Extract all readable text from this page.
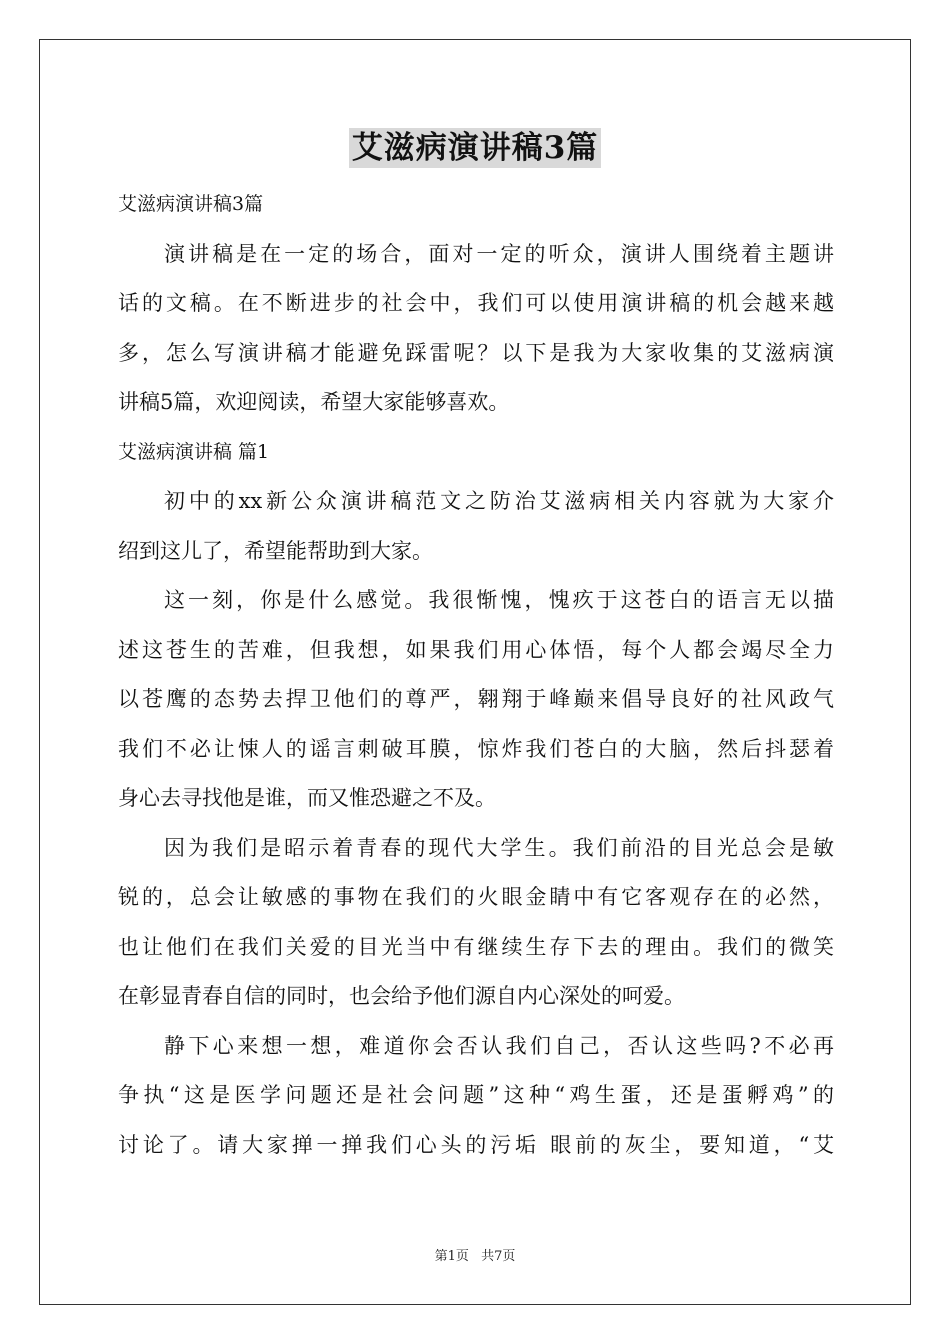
艾滋病演讲稿3篇
艾滋病演讲稿3篇
演讲稿是在一定的场合，面对一定的听众，演讲人围绕着主题讲
话的文稿。在不断进步的社会中，我们可以使用演讲稿的机会越来越
多，怎么写演讲稿才能避免踩雷呢？以下是我为大家收集的艾滋病演
讲稿5篇，欢迎阅读，希望大家能够喜欢。
艾滋病演讲稿 篇1
初中的xx新公众演讲稿范文之防治艾滋病相关内容就为大家介
绍到这儿了，希望能帮助到大家。
这一刻，你是什么感觉。我很惭愧，愧疚于这苍白的语言无以描
述这苍生的苦难，但我想，如果我们用心体悟，每个人都会竭尽全力
以苍鹰的态势去捍卫他们的尊严，翱翔于峰巅来倡导良好的社风政气
我们不必让悚人的谣言刺破耳膜，惊炸我们苍白的大脑，然后抖瑟着
身心去寻找他是谁，而又惟恐避之不及。
因为我们是昭示着青春的现代大学生。我们前沿的目光总会是敏
锐的，总会让敏感的事物在我们的火眼金睛中有它客观存在的必然，
也让他们在我们关爱的目光当中有继续生存下去的理由。我们的微笑
在彰显青春自信的同时，也会给予他们源自内心深处的呵爱。
静下心来想一想，难道你会否认我们自己，否认这些吗?不必再
争执“这是医学问题还是社会问题”这种“鸡生蛋，还是蛋孵鸡”的
讨论了。请大家掸一掸我们心头的污垢 眼前的灰尘，要知道，“艾
第1页 共7页
